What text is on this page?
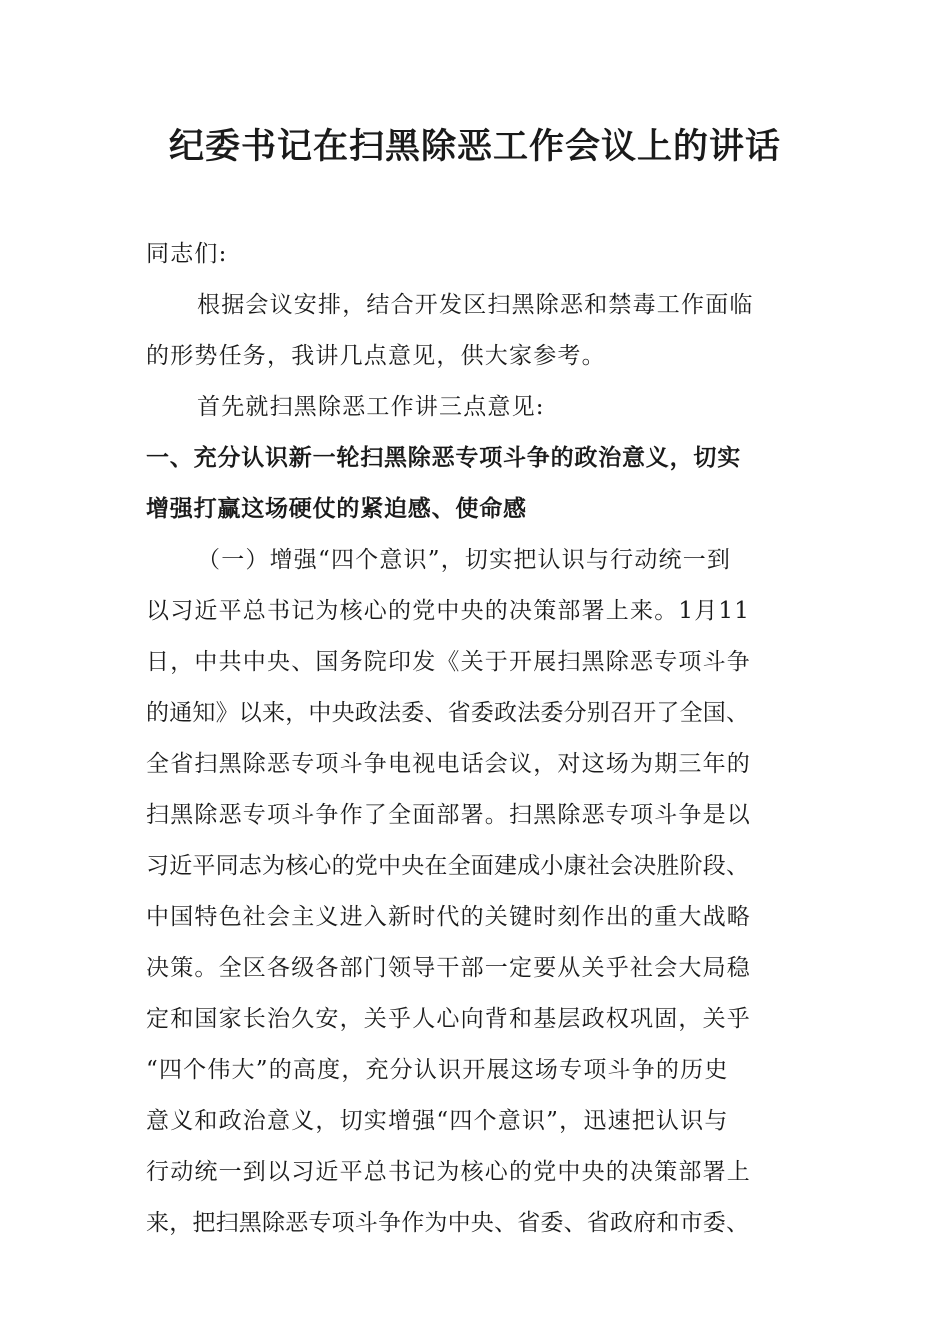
纪委书记在扫黑除恶工作会议上的讲话
同志们:
根据会议安排，结合开发区扫黑除恶和禁毒工作面临
的形势任务，我讲几点意见，供大家参考。
首先就扫黑除恶工作讲三点意见:
一、充分认识新一轮扫黑除恶专项斗争的政治意义，切实
增强打赢这场硬仗的紧迫感、使命感
（一）增强“四个意识”，切实把认识与行动统一到
以习近平总书记为核心的党中央的决策部署上来。1月11
日，中共中央、国务院印发《关于开展扫黑除恶专项斗争
的通知》以来，中央政法委、省委政法委分别召开了全国、
全省扫黑除恶专项斗争电视电话会议，对这场为期三年的
扫黑除恶专项斗争作了全面部署。扫黑除恶专项斗争是以
习近平同志为核心的党中央在全面建成小康社会决胜阶段、
中国特色社会主义进入新时代的关键时刻作出的重大战略
决策。全区各级各部门领导干部一定要从关乎社会大局稳
定和国家长治久安，关乎人心向背和基层政权巩固，关乎
“四个伟大”的高度，充分认识开展这场专项斗争的历史
意义和政治意义，切实增强“四个意识”，迅速把认识与
行动统一到以习近平总书记为核心的党中央的决策部署上
来，把扫黑除恶专项斗争作为中央、省委、省政府和市委、
